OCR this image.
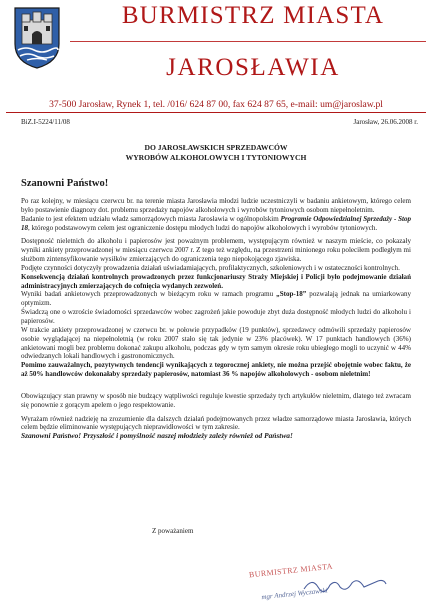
BURMISTRZ MIASTA
JAROSŁAWIA
37-500 Jarosław, Rynek 1, tel. /016/ 624 87 00, fax 624 87 65, e-mail: um@jaroslaw.pl
BiZ.I-5224/11/08	Jarosław, 26.06.2008 r.
DO JAROSŁAWSKICH SPRZEDAWCÓW
WYROBÓW ALKOHOLOWYCH I TYTONIOWYCH
Szanowni Państwo!

Po raz kolejny, w miesiącu czerwcu br. na terenie miasta Jarosławia młodzi ludzie uczestniczyli w badaniu ankietowym, którego celem było postawienie diagnozy dot. problemu sprzedaży napojów alkoholowych i wyrobów tytoniowych osobom niepełnoletnim.

Badanie to jest efektem udziału władz samorządowych miasta Jarosławia w ogólnopolskim Programie Odpowiedzialnej Sprzedaży - Stop 18, którego podstawowym celem jest ograniczenie dostępu młodych ludzi do napojów alkoholowych i wyrobów tytoniowych.

Dostępność nieletnich do alkoholu i papierosów jest poważnym problemem, występującym również w naszym mieście, co pokazały wyniki ankiety przeprowadzonej w miesiącu czerwcu 2007 r. Z tego też względu, na przestrzeni minionego roku poleciłem podległym mi służbom zintensyfikowanie wysiłków zmierzających do ograniczenia tego niepokojącego zjawiska.

Podjęte czynności dotyczyły prowadzenia działań uświadamiających, profilaktycznych, szkoleniowych i w ostateczności kontrolnych.

Konsekwencją działań kontrolnych prowadzonych przez funkcjonariuszy Straży Miejskiej i Policji było podejmowanie działań administracyjnych zmierzających do cofnięcia wydanych zezwoleń.

Wyniki badań ankietowych przeprowadzonych w bieżącym roku w ramach programu „Stop-18” pozwalają jednak na umiarkowany optymizm.

Świadczą one o wzroście świadomości sprzedawców wobec zagrożeń jakie powoduje zbyt duża dostępność młodych ludzi do alkoholu i papierosów.

W trakcie ankiety przeprowadzonej w czerwcu br. w połowie przypadków (19 punktów), sprzedawcy odmówili sprzedaży papierosów osobie wyglądającej na niepełnoletnią (w roku 2007 stało się tak jedynie w 23% placówek). W 17 punktach handlowych (36%) ankietowani mogli bez problemu dokonać zakupu alkoholu, podczas gdy w tym samym okresie roku ubiegłego mogli to uczynić w 44% odwiedzanych lokali handlowych i gastronomicznych.

Pomimo zauważalnych, pozytywnych tendencji wynikających z tegorocznej ankiety, nie można przejść obojętnie wobec faktu, że aż 50% handlowców dokonałaby sprzedaży papierosów, natomiast 36 % napojów alkoholowych - osobom nieletnim!

Obowiązujący stan prawny w sposób nie budzący wątpliwości reguluje kwestie sprzedaży tych artykułów nieletnim, dlatego też zwracam się ponownie z gorącym apelem o jego respektowanie.

Wyrażam również nadzieję na zrozumienie dla dalszych działań podejmowanych przez władze samorządowe miasta Jarosławia, których celem będzie eliminowanie występujących nieprawidłowości w tym zakresie.

Szanowni Państwo! Przyszłość i pomyślność naszej młodzieży zależy również od Państwa!

Z poważaniem
BURMISTRZ MIASTA
mgr Andrzej Wyczawski
